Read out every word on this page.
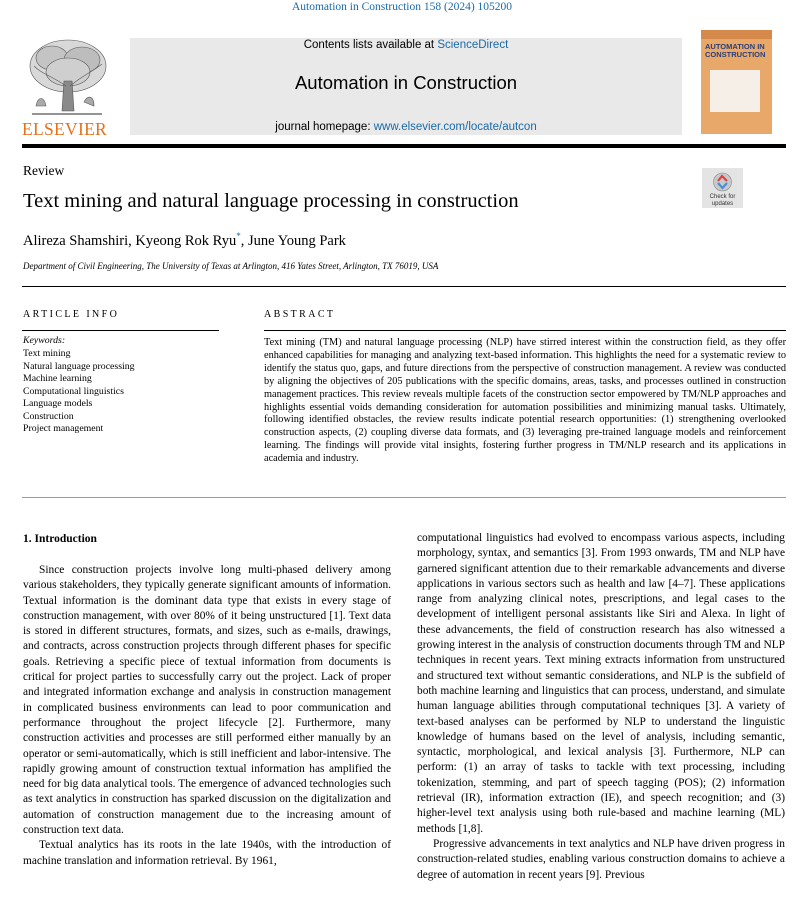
Automation in Construction 158 (2024) 105200
ELSEVIER
Contents lists available at ScienceDirect
Automation in Construction
journal homepage: www.elsevier.com/locate/autcon
AUTOMATION IN
CONSTRUCTION
Review
Text mining and natural language processing in construction	Check for
updates
Alireza Shamshiri, Kyeong Rok Ryu*, June Young Park
Department of Civil Engineering, The University of Texas at Arlington, 416 Yates Street, Arlington, TX 76019, USA
ARTICLE INFO
Keywords:
Text mining
Natural language processing
Machine learning
Computational linguistics
Language models
Construction
Project management
ABSTRACT
Text mining (TM) and natural language processing (NLP) have stirred interest within the construction field, as they offer enhanced capabilities for managing and analyzing text-based information. This highlights the need for a systematic review to identify the status quo, gaps, and future directions from the perspective of construction management. A review was conducted by aligning the objectives of 205 publications with the specific domains, areas, tasks, and processes outlined in construction management practices. This review reveals multiple facets of the construction sector empowered by TM/NLP approaches and highlights essential voids demanding consideration for automation possibilities and minimizing manual tasks. Ultimately, following identified obstacles, the review results indicate potential research opportunities: (1) strengthening overlooked construction aspects, (2) coupling diverse data formats, and (3) leveraging pre-trained language models and reinforcement learning. The findings will provide vital insights, fostering further progress in TM/NLP research and its applications in academia and industry.
1. Introduction

Since construction projects involve long multi-phased delivery among various stakeholders, they typically generate significant amounts of information. Textual information is the dominant data type that exists in every stage of construction management, with over 80% of it being unstructured [1]. Text data is stored in different structures, formats, and sizes, such as e-mails, drawings, and contracts, across construction projects through different phases for specific goals. Retrieving a specific piece of textual information from documents is critical for project parties to successfully carry out the project. Lack of proper and integrated information exchange and analysis in construction management in complicated business environments can lead to poor communication and performance throughout the project lifecycle [2]. Furthermore, many construction activities and processes are still performed either manually by an operator or semi-automatically, which is still inefficient and labor-intensive. The rapidly growing amount of construction textual information has amplified the need for big data analytical tools. The emergence of advanced technologies such as text analytics in construction has sparked discussion on the digitalization and automation of construction management due to the increasing amount of construction text data.

Textual analytics has its roots in the late 1940s, with the introduction of machine translation and information retrieval. By 1961,

computational linguistics had evolved to encompass various aspects, including morphology, syntax, and semantics [3]. From 1993 onwards, TM and NLP have garnered significant attention due to their remarkable advancements and diverse applications in various sectors such as health and law [4–7]. These applications range from analyzing clinical notes, prescriptions, and legal cases to the development of intelligent personal assistants like Siri and Alexa. In light of these advancements, the field of construction research has also witnessed a growing interest in the analysis of construction documents through TM and NLP techniques in recent years. Text mining extracts information from unstructured and structured text without semantic considerations, and NLP is the subfield of both machine learning and linguistics that can process, understand, and simulate human language abilities through computational techniques [3]. A variety of text-based analyses can be performed by NLP to understand the linguistic knowledge of humans based on the level of analysis, including semantic, syntactic, morphological, and lexical analysis [3]. Furthermore, NLP can perform: (1) an array of tasks to tackle with text processing, including tokenization, stemming, and part of speech tagging (POS); (2) information retrieval (IR), information extraction (IE), and speech recognition; and (3) higher-level text analysis using both rule-based and machine learning (ML) methods [1,8].

Progressive advancements in text analytics and NLP have driven progress in construction-related studies, enabling various construction domains to achieve a degree of automation in recent years [9]. Previous
